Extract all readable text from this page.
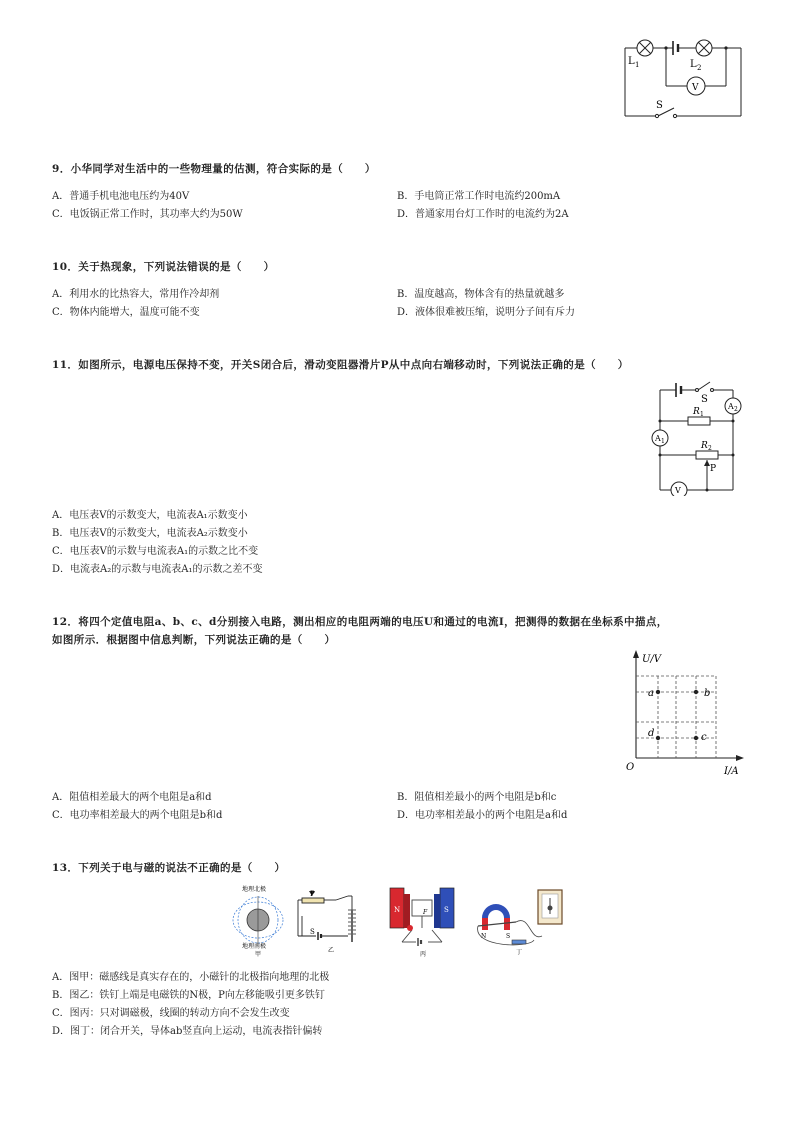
L 1	L 2
V
S
9．小华同学对生活中的一些物理量的估测，符合实际的是（　　）
A．普通手机电池电压约为40V	B．手电筒正常工作时电流约200mA
C．电饭锅正常工作时，其功率大约为50W	D．普通家用台灯工作时的电流约为2A
10．关于热现象，下列说法错误的是（　　）
A．利用水的比热容大，常用作冷却剂	B．温度越高，物体含有的热量就越多
C．物体内能增大，温度可能不变	D．液体很难被压缩，说明分子间有斥力
11．如图所示，电源电压保持不变，开关S闭合后，滑动变阻器滑片P从中点向右端移动时，下列说法正确的是（　　）
S
A 2
A 1
R 1
R 2
P
V
A．电压表V的示数变大，电流表A₁示数变小
B．电压表V的示数变大，电流表A₂示数变小
C．电压表V的示数与电流表A₁的示数之比不变
D．电流表A₂的示数与电流表A₁的示数之差不变
12．将四个定值电阻a、b、c、d分别接入电路，测出相应的电阻两端的电压U和通过的电流I，把测得的数据在坐标系中描点，
如图所示．根据图中信息判断，下列说法正确的是（　　）
a	b
d	c
U/V
I/A
O
A．阻值相差最大的两个电阻是a和d	B．阻值相差最小的两个电阻是b和c
C．电功率相差最大的两个电阻是b和d	D．电功率相差最小的两个电阻是a和d
13．下列关于电与磁的说法不正确的是（　　）
地理北极
地理南极
甲
P
S
乙
N	S
F
丙
N	S
丁
A．图甲：磁感线是真实存在的，小磁针的北极指向地理的北极
B．图乙：铁钉上端是电磁铁的N极，P向左移能吸引更多铁钉
C．图丙：只对调磁极，线圈的转动方向不会发生改变
D．图丁：闭合开关，导体ab竖直向上运动，电流表指针偏转
